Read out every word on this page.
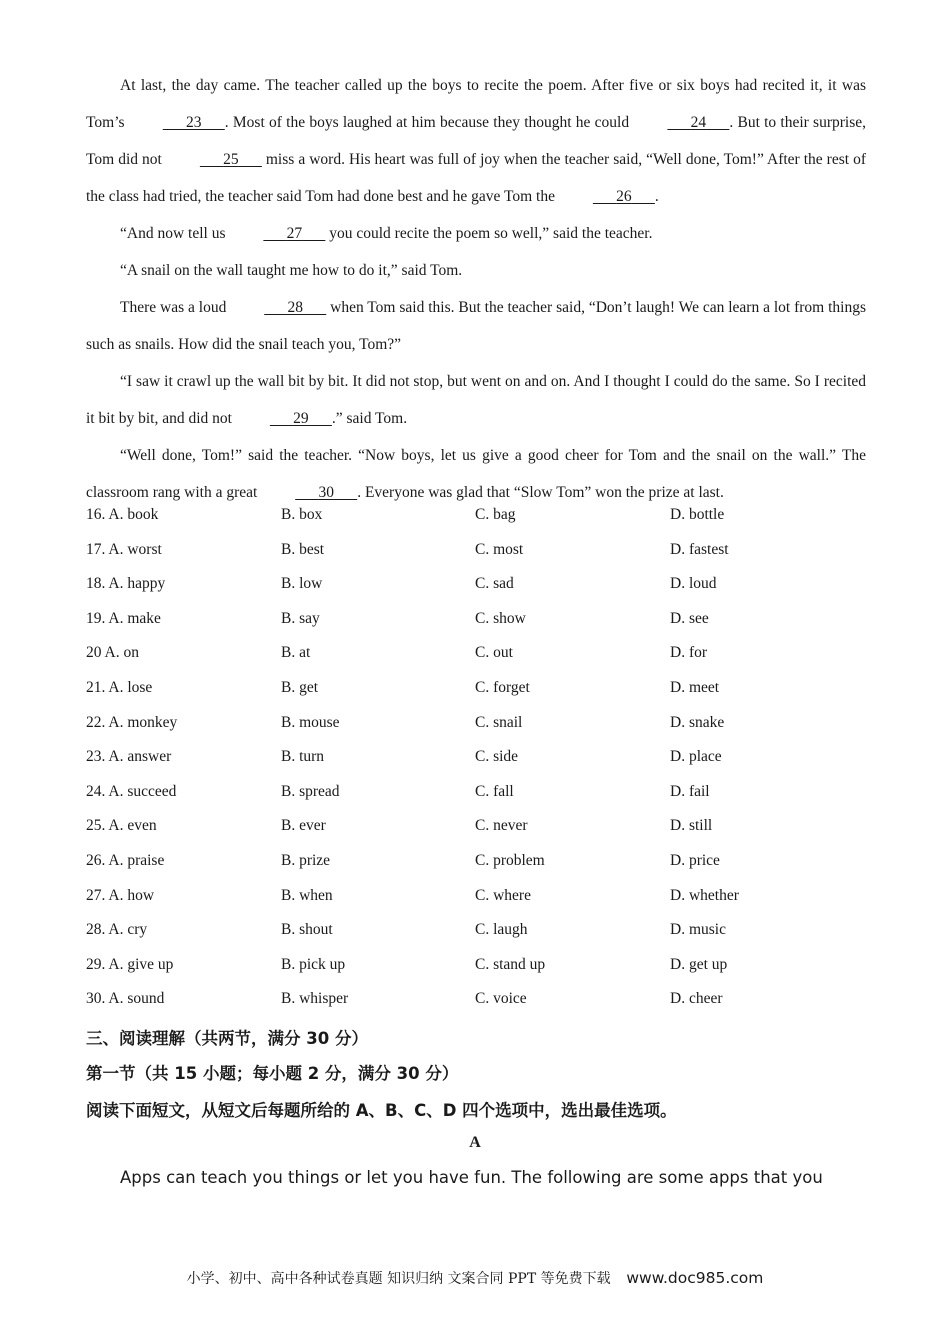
At last, the day came. The teacher called up the boys to recite the poem. After five or six boys had recited it, it was Tom’s	23 . Most of the boys laughed at him because they thought he could	24 . But to their surprise, Tom did not	25       miss a word. His heart was full of joy when the teacher said, “Well done, Tom!” After the rest of the class had tried, the teacher said Tom had done best and he gave Tom the	26 .

“And now tell us	27       you could recite the poem so well,” said the teacher.

“A snail on the wall taught me how to do it,” said Tom.

There was a loud	28       when Tom said this. But the teacher said, “Don’t laugh! We can learn a lot from things such as snails. How did the snail teach you, Tom?”

“I saw it crawl up the wall bit by bit. It did not stop, but went on and on. And I thought I could do the same. So I recited it bit by bit, and did not	29 .” said Tom.

“Well done, Tom!” said the teacher. “Now boys, let us give a good cheer for Tom and the snail on the wall.” The classroom rang with a great	30 . Everyone was glad that “Slow Tom” won the prize at last.

16. A. book	B. box	C. bag	D. bottle
17. A. worst	B. best	C. most	D. fastest
18. A. happy	B. low	C. sad	D. loud
19. A. make	B. say	C. show	D. see
20 A. on	B. at	C. out	D. for
21. A. lose	B. get	C. forget	D. meet
22. A. monkey	B. mouse	C. snail	D. snake
23. A. answer	B. turn	C. side	D. place
24. A. succeed	B. spread	C. fall	D. fail
25. A. even	B. ever	C. never	D. still
26. A. praise	B. prize	C. problem	D. price
27. A. how	B. when	C. where	D. whether
28. A. cry	B. shout	C. laugh	D. music
29. A. give up	B. pick up	C. stand up	D. get up
30. A. sound	B. whisper	C. voice	D. cheer
三、阅读理解（共两节，满分 30 分）
第一节（共 15 小题；每小题 2 分，满分 30 分）
阅读下面短文，从短文后每题所给的 A、B、C、D 四个选项中，选出最佳选项。
A
Apps can teach you things or let you have fun. The following are some apps that you
小学、初中、高中各种试卷真题 知识归纳 文案合同 PPT 等免费下载 www.doc985.com
